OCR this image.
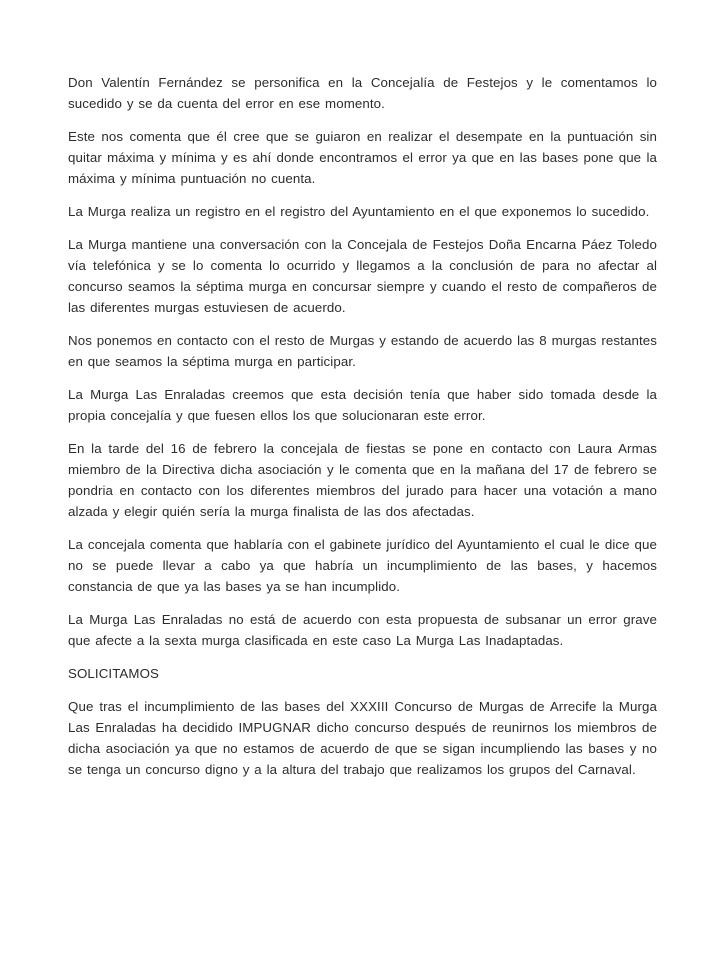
Don Valentín Fernández se personifica en la Concejalía de Festejos y le comentamos lo sucedido y se da cuenta del error en ese momento.

Este nos comenta que él cree que se guiaron en realizar el desempate en la puntuación sin quitar máxima y mínima y es ahí donde encontramos el error ya que en las bases pone que la máxima y mínima puntuación no cuenta.

La Murga realiza un registro en el registro del Ayuntamiento en el que exponemos lo sucedido.

La Murga mantiene una conversación con la Concejala de Festejos Doña Encarna Páez Toledo vía telefónica y se lo comenta lo ocurrido y llegamos a la conclusión de para no afectar al concurso seamos la séptima murga en concursar siempre y cuando el resto de compañeros de las diferentes murgas estuviesen de acuerdo.

Nos ponemos en contacto con el resto de Murgas y estando de acuerdo las 8 murgas restantes en que seamos la séptima murga en participar.

La Murga Las Enraladas creemos que esta decisión tenía que haber sido tomada desde la propia concejalía y que fuesen ellos los que solucionaran este error.

En la tarde del 16 de febrero la concejala de fiestas se pone en contacto con Laura Armas miembro de la Directiva dicha asociación y le comenta que en la mañana del 17 de febrero se pondria en contacto con los diferentes miembros del jurado para hacer una votación a mano alzada y elegir quién sería la murga finalista de las dos afectadas.

La concejala comenta que hablaría con el gabinete jurídico del Ayuntamiento el cual le dice que no se puede llevar a cabo ya que habría un incumplimiento de las bases, y hacemos constancia de que ya las bases ya se han incumplido.

La Murga Las Enraladas no está de acuerdo con esta propuesta de subsanar un error grave que afecte a la sexta murga clasificada en este caso La Murga Las Inadaptadas.

SOLICITAMOS

Que tras el incumplimiento de las bases del XXXIII Concurso de Murgas de Arrecife la Murga Las Enraladas ha decidido IMPUGNAR dicho concurso después de reunirnos los miembros de dicha asociación ya que no estamos de acuerdo de que se sigan incumpliendo las bases y no se tenga un concurso digno y a la altura del trabajo que realizamos los grupos del Carnaval.
